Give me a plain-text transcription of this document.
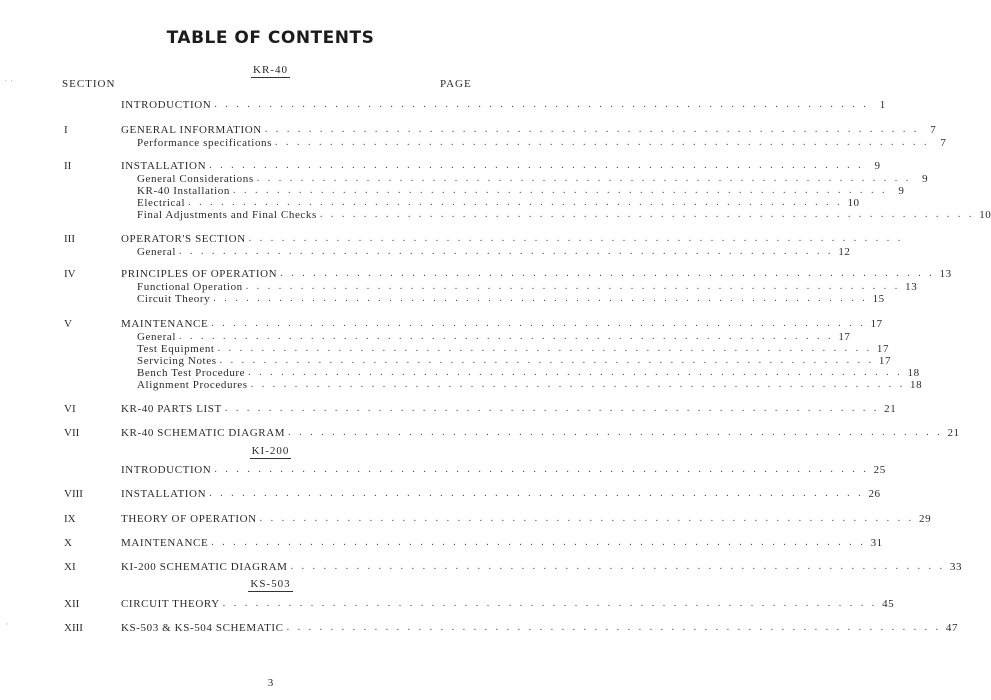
TABLE OF CONTENTS
SECTION	PAGE
KR-40
INTRODUCTION . . . . . . . . . . . . . . . . . . . . . . . . . . . . . . . . . . . . . . . . . . . . . . . . . . . . . . . . . . . . 1
I	GENERAL INFORMATION . . . . . . . . . . . . . . . . . . . . . . . . . . . . . . . . . . . . . . . . . . . . . . . . . . . . . . . . . . . . 7
Performance specifications . . . . . . . . . . . . . . . . . . . . . . . . . . . . . . . . . . . . . . . . . . . . . . . . . . . . . . . . . . . . 7
II	INSTALLATION . . . . . . . . . . . . . . . . . . . . . . . . . . . . . . . . . . . . . . . . . . . . . . . . . . . . . . . . . . . . 9
General Considerations . . . . . . . . . . . . . . . . . . . . . . . . . . . . . . . . . . . . . . . . . . . . . . . . . . . . . . . . . . . . 9
KR-40 Installation . . . . . . . . . . . . . . . . . . . . . . . . . . . . . . . . . . . . . . . . . . . . . . . . . . . . . . . . . . . . 9
Electrical . . . . . . . . . . . . . . . . . . . . . . . . . . . . . . . . . . . . . . . . . . . . . . . . . . . . . . . . . . . . 10
Final Adjustments and Final Checks . . . . . . . . . . . . . . . . . . . . . . . . . . . . . . . . . . . . . . . . . . . . . . . . . . . . . . . . . . . . 10
III	OPERATOR'S SECTION . . . . . . . . . . . . . . . . . . . . . . . . . . . . . . . . . . . . . . . . . . . . . . . . . . . . . . . . . . . .
General . . . . . . . . . . . . . . . . . . . . . . . . . . . . . . . . . . . . . . . . . . . . . . . . . . . . . . . . . . . . 12
IV	PRINCIPLES OF OPERATION . . . . . . . . . . . . . . . . . . . . . . . . . . . . . . . . . . . . . . . . . . . . . . . . . . . . . . . . . . . . 13
Functional Operation . . . . . . . . . . . . . . . . . . . . . . . . . . . . . . . . . . . . . . . . . . . . . . . . . . . . . . . . . . . . 13
Circuit Theory . . . . . . . . . . . . . . . . . . . . . . . . . . . . . . . . . . . . . . . . . . . . . . . . . . . . . . . . . . . . 15
V	MAINTENANCE . . . . . . . . . . . . . . . . . . . . . . . . . . . . . . . . . . . . . . . . . . . . . . . . . . . . . . . . . . . . 17
General . . . . . . . . . . . . . . . . . . . . . . . . . . . . . . . . . . . . . . . . . . . . . . . . . . . . . . . . . . . . 17
Test Equipment . . . . . . . . . . . . . . . . . . . . . . . . . . . . . . . . . . . . . . . . . . . . . . . . . . . . . . . . . . . . 17
Servicing Notes . . . . . . . . . . . . . . . . . . . . . . . . . . . . . . . . . . . . . . . . . . . . . . . . . . . . . . . . . . . . 17
Bench Test Procedure . . . . . . . . . . . . . . . . . . . . . . . . . . . . . . . . . . . . . . . . . . . . . . . . . . . . . . . . . . . . 18
Alignment Procedures . . . . . . . . . . . . . . . . . . . . . . . . . . . . . . . . . . . . . . . . . . . . . . . . . . . . . . . . . . . . 18
VI	KR-40 PARTS LIST . . . . . . . . . . . . . . . . . . . . . . . . . . . . . . . . . . . . . . . . . . . . . . . . . . . . . . . . . . . . 21
VII	KR-40 SCHEMATIC DIAGRAM . . . . . . . . . . . . . . . . . . . . . . . . . . . . . . . . . . . . . . . . . . . . . . . . . . . . . . . . . . . . 21
KI-200
INTRODUCTION . . . . . . . . . . . . . . . . . . . . . . . . . . . . . . . . . . . . . . . . . . . . . . . . . . . . . . . . . . . . 25
VIII	INSTALLATION . . . . . . . . . . . . . . . . . . . . . . . . . . . . . . . . . . . . . . . . . . . . . . . . . . . . . . . . . . . . 26
IX	THEORY OF OPERATION . . . . . . . . . . . . . . . . . . . . . . . . . . . . . . . . . . . . . . . . . . . . . . . . . . . . . . . . . . . . 29
X	MAINTENANCE . . . . . . . . . . . . . . . . . . . . . . . . . . . . . . . . . . . . . . . . . . . . . . . . . . . . . . . . . . . . 31
XI	KI-200 SCHEMATIC DIAGRAM . . . . . . . . . . . . . . . . . . . . . . . . . . . . . . . . . . . . . . . . . . . . . . . . . . . . . . . . . . . . 33
KS-503
XII	CIRCUIT THEORY . . . . . . . . . . . . . . . . . . . . . . . . . . . . . . . . . . . . . . . . . . . . . . . . . . . . . . . . . . . . 45
XIII	KS-503 & KS-504 SCHEMATIC . . . . . . . . . . . . . . . . . . . . . . . . . . . . . . . . . . . . . . . . . . . . . . . . . . . . . . . . . . . . 47
3
⋅ ⋅
′
